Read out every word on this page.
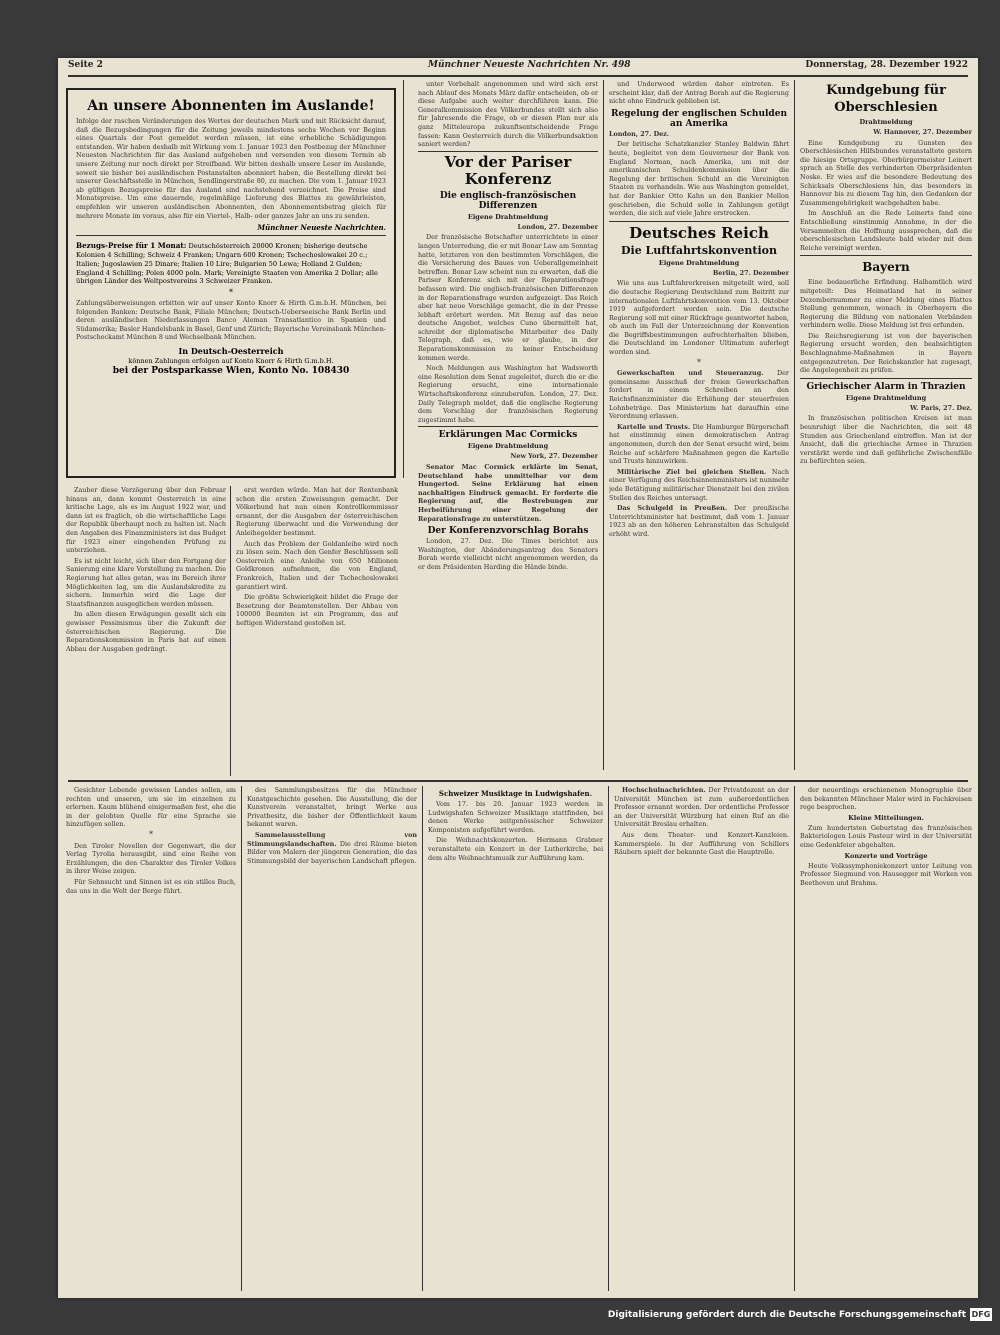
Seite 2	Münchner Neueste Nachrichten Nr. 498	Donnerstag, 28. Dezember 1922
An unsere Abonnenten im Auslande!
Infolge der raschen Veränderungen des Wertes der deutschen Mark und mit Rücksicht darauf, daß die Bezugsbedingungen für die Zeitung jeweils mindestens sechs Wochen vor Beginn eines Quartals der Post gemeldet werden müssen, ist eine erhebliche Schädigungen entstanden. Wir haben deshalb mit Wirkung vom 1. Januar 1923 den Postbezug der Münchner Neuesten Nachrichten für das Ausland aufgehoben und versenden von diesem Termin ab unsere Zeitung nur noch direkt per Streifband. Wir bitten deshalb unsere Leser im Auslande, soweit sie bisher bei ausländischen Postanstalten abonniert haben, die Bestellung direkt bei unserer Geschäftsstelle in München, Sendlingerstraße 80, zu machen. Die vom 1. Januar 1923 ab gültigen Bezugspreise für das Ausland sind nachstehend verzeichnet. Die Preise sind Monatspreise. Um eine dauernde, regelmäßige Lieferung des Blattes zu gewährleisten, empfehlen wir unseren ausländischen Abonnenten, den Abonnementsbetrag gleich für mehrere Monate im voraus, also für ein Viertel-, Halb- oder ganzes Jahr an uns zu senden.
Münchner Neueste Nachrichten.
Bezugs-Preise für 1 Monat: Deutschösterreich 20000 Kronen; bisherige deutsche Kolonien 4 Schilling; Schweiz 4 Franken; Ungarn 600 Kronen; Tschechoslowakei 20 c.; Italien; Jugoslawien 25 Dinare; Italien 10 Lire; Bulgarien 50 Lewa; Holland 2 Gulden; England 4 Schilling; Polen 4000 poln. Mark; Vereinigte Staaten von Amerika 2 Dollar; alle übrigen Länder des Weltpostvereins 3 Schweizer Franken.
*
Zahlungsüberweisungen erbitten wir auf unser Konto Knorr & Hirth G.m.b.H. München, bei folgenden Banken: Deutsche Bank, Filiale München; Deutsch-Ueberseeische Bank Berlin und deren ausländischen Niederlassungen Banco Aleman Transatlantico in Spanien und Südamerika; Basler Handelsbank in Basel, Genf und Zürich; Bayerische Vereinsbank München-Postscheckamt München 8 und Wechselbank München.
In Deutsch-Oesterreich
können Zahlungen erfolgen auf Konto Knorr & Hirth G.m.b.H.
bei der Postsparkasse Wien, Konto No. 108430

unter Vorbehalt angenommen und wird sich erst nach Ablauf des Monats März dafür entscheiden, ob er diese Aufgabe auch weiter durchführen kann. Die Generalkommission des Völkerbundes stellt sich also für Jahresende die Frage, ob er diesen Plan nur als ganz Mitteleuropa zukunftsentscheidende Frage fassen: Kann Oesterreich durch die Völkerbundsaktion saniert werden?

Vor der Pariser Konferenz
Die englisch-französischen Differenzen
Eigene Drahtmeldung
London, 27. Dezember

Der französische Botschafter unterrichtete in einer langen Unterredung, die er mit Bonar Law am Sonntag hatte, letzteren von den bestimmten Vorschlägen, die die Versicherung des Baues von Ueberallgemeinheit betreffen. Bonar Law scheint nun zu erwarten, daß die Pariser Konferenz sich mit der Reparationsfrage befassen wird. Die englisch-französischen Differenzen in der Reparationsfrage wurden aufgezeigt. Das Reich aber hat neue Vorschläge gemacht, die in der Presse lebhaft erörtert werden. Mit Bezug auf das neue deutsche Angebot, welches Cuno übermittelt hat, schreibt der diplomatische Mitarbeiter des Daily Telegraph, daß es, wie er glaube, in der Reparationskommission zu keiner Entscheidung kommen werde.

Noch Meldungen aus Washington hat Wadsworth eine Resolution dem Senat zugeleitet, durch die er die Regierung ersucht, eine internationale Wirtschaftskonferenz einzuberufen. London, 27. Dez. Daily Telegraph meldet, daß die englische Regierung dem Vorschlag der französischen Regierung zugestimmt habe.

Erklärungen Mac Cormicks
Eigene Drahtmeldung
New York, 27. Dezember

Senator Mac Cormick erklärte im Senat, Deutschland habe unmittelbar vor dem Hungertod. Seine Erklärung hat einen nachhaltigen Eindruck gemacht. Er forderte die Regierung auf, die Bestrebungen zur Herbeiführung einer Regelung der Reparationsfrage zu unterstützen.

Der Konferenzvorschlag Borahs

London, 27. Dez. Die Times berichtet aus Washington, der Abänderungsantrag des Senators Borah werde vielleicht nicht angenommen werden, da er dem Präsidenten Harding die Hände binde.

und Underwood würden daher eintreten. Es erscheint klar, daß der Antrag Borah auf die Regierung nicht ohne Eindruck geblieben ist.

Regelung der englischen Schulden an Amerika
London, 27. Dez.

Der britische Schatzkanzler Stanley Baldwin fährt heute, begleitet von dem Gouverneur der Bank von England Norman, nach Amerika, um mit der amerikanischen Schuldenkommission über die Regelung der britischen Schuld an die Vereinigten Staaten zu verhandeln. Wie aus Washington gemeldet, hat der Bankier Otto Kahn an den Bankier Mellon geschrieben, die Schuld solle in Zahlungen getilgt werden, die sich auf viele Jahre erstrecken.

Deutsches Reich
Die Luftfahrtskonvention
Eigene Drahtmeldung
Berlin, 27. Dezember

Wie uns aus Luftfahrerkreisen mitgeteilt wird, soll die deutsche Regierung Deutschland zum Beitritt zur internationalen Luftfahrtskonvention vom 13. Oktober 1919 aufgefordert worden sein. Die deutsche Regierung soll mit einer Rückfrage geantwortet haben, ob auch im Fall der Unterzeichnung der Konvention die Begriffsbestimmungen aufrechterhalten blieben, die Deutschland im Londoner Ultimatum auferlegt worden sind.

*

Gewerkschaften und Steueranzug. Der gemeinsame Ausschuß der freien Gewerkschaften fordert in einem Schreiben an den Reichsfinanzminister die Erhöhung der steuerfreien Lohnbeträge. Das Ministerium hat daraufhin eine Verordnung erlassen.

Kartelle und Trusts. Die Hamburger Bürgerschaft hat einstimmig einen demokratischen Antrag angenommen, durch den der Senat ersucht wird, beim Reiche auf schärfere Maßnahmen gegen die Kartelle und Trusts hinzuwirken.

Militärische Ziel bei gleichen Stellen. Nach einer Verfügung des Reichsinnenministers ist nunmehr jede Betätigung militärischer Dienstzeit bei den zivilen Stellen des Reiches untersagt.

Das Schulgeld in Preußen. Der preußische Unterrichtsminister hat bestimmt, daß vom 1. Januar 1923 ab an den höheren Lehranstalten das Schulgeld erhöht wird.

Kundgebung für Oberschlesien
Drahtmeldung
W. Hannover, 27. Dezember

Eine Kundgebung zu Gunsten des Oberschlesischen Hilfsbundes veranstaltete gestern die hiesige Ortsgruppe. Oberbürgermeister Leinert sprach an Stelle des verhinderten Oberpräsidenten Noske. Er wies auf die besondere Bedeutung des Schicksals Oberschlesiens hin, das besonders in Hannover bis zu diesem Tag hin, den Gedanken der Zusammengehörigkeit wachgehalten habe.

Im Anschluß an die Rede Leinerts fand eine Entschließung einstimmig Annahme, in der die Versammelten die Hoffnung aussprechen, daß die oberschlesischen Landsleute bald wieder mit dem Reiche vereinigt werden.

Bayern

Eine bedauerliche Erfindung. Halbamtlich wird mitgeteilt: Das Heimatland hat in seiner Dezembernummer zu einer Meldung eines Blattes Stellung genommen, wonach in Oberbayern die Regierung die Bildung von nationalen Verbänden verhindern wolle. Diese Meldung ist frei erfunden.

Die Reichsregierung ist von der bayerischen Regierung ersucht worden, den beabsichtigten Beschlagnahme-Maßnahmen in Bayern entgegenzutreten. Der Reichskanzler hat zugesagt, die Angelegenheit zu prüfen.

Griechischer Alarm in Thrazien
Eigene Drahtmeldung
W. Paris, 27. Dez.

In französischen politischen Kreisen ist man beunruhigt über die Nachrichten, die seit 48 Stunden aus Griechenland eintreffen. Man ist der Ansicht, daß die griechische Armee in Thrazien verstärkt werde und daß gefährliche Zwischenfälle zu befürchten seien.

Zauber diese Verzögerung über den Februar hinaus an, dann kommt Oesterreich in eine kritische Lage, als es im August 1922 war, und dann ist es fraglich, ob die wirtschaftliche Lage der Republik überhaupt noch zu halten ist. Nach den Angaben des Finanzministers ist das Budget für 1923 einer eingehenden Prüfung zu unterziehen.

Es ist nicht leicht, sich über den Fortgang der Sanierung eine klare Vorstellung zu machen. Die Regierung hat alles getan, was im Bereich ihrer Möglichkeiten lag, um die Auslandskredite zu sichern. Immerhin wird die Lage der Staatsfinanzen ausgeglichen werden müssen.

Im allen diesen Erwägungen gesellt sich ein gewisser Pessimismus über die Zukunft der österreichischen Regierung. Die Reparationskommission in Paris hat auf einen Abbau der Ausgaben gedrängt.

erst werden würde. Man hat der Rentenbank schon die ersten Zuweisungen gemacht. Der Völkerbund hat nun einen Kontrollkommissar ernannt, der die Ausgaben der österreichischen Regierung überwacht und die Verwendung der Anleihegelder bestimmt.

Auch das Problem der Goldanleihe wird noch zu lösen sein. Nach den Genfer Beschlüssen soll Oesterreich eine Anleihe von 650 Millionen Goldkronen aufnehmen, die von England, Frankreich, Italien und der Tschechoslowakei garantiert wird.

Die größte Schwierigkeit bildet die Frage der Besetzung der Beamtenstellen. Der Abbau von 100000 Beamten ist ein Programm, das auf heftigen Widerstand gestoßen ist.

Gesichter Lebende gewissen Landes sollen, am rechten und unseren, um sie im einzelnen zu erlernen. Kaum blühend einigermaßen fest, ehe die in der gelobten Quelle für eine Sprache sie hinzufügen sollen.

*

Den Tiroler Novellen der Gegenwart, die der Verlag Tyrolia herausgibt, sind eine Reihe von Erzählungen, die den Charakter des Tiroler Volkes in ihrer Weise zeigen.

Für Sehnsucht und Sinnen ist es ein stilles Buch, das uns in die Welt der Berge führt.

des Sammlungsbesitzes für die Münchner Kunstgeschichte gesehen. Die Ausstellung, die der Kunstverein veranstaltet, bringt Werke aus Privatbesitz, die bisher der Öffentlichkeit kaum bekannt waren.

Sammelausstellung von Stimmungslandschaften. Die drei Räume bieten Bilder von Malern der jüngeren Generation, die das Stimmungsbild der bayerischen Landschaft pflegen.

Schweizer Musiktage in Ludwigshafen.

Vom 17. bis 20. Januar 1923 werden in Ludwigshafen Schweizer Musiktage stattfinden, bei denen Werke zeitgenössischer Schweizer Komponisten aufgeführt werden.

Die Weihnachtskonzerten. Hermann Grabner veranstaltete ein Konzert in der Lutherkirche, bei dem alte Weihnachtsmusik zur Aufführung kam.

Hochschulnachrichten. Der Privatdozent an der Universität München ist zum außerordentlichen Professor ernannt worden. Der ordentliche Professor an der Universität Würzburg hat einen Ruf an die Universität Breslau erhalten.

Aus dem Theater- und Konzert-Kanzleien. Kammerspiele. In der Aufführung von Schillers Räubern spielt der bekannte Gast die Hauptrolle.

der neuerdings erschienenen Monographie über den bekannten Münchner Maler wird in Fachkreisen rege besprochen.

Kleine Mitteilungen.

Zum hundertsten Geburtstag des französischen Bakteriologen Louis Pasteur wird in der Universität eine Gedenkfeier abgehalten.

Konzerte und Vorträge

Heute Volkssymphoniekonzert unter Leitung von Professor Siegmund von Hausegger mit Werken von Beethoven und Brahms.

Digitalisierung gefördert durch die Deutsche Forschungsgemeinschaft DFG
